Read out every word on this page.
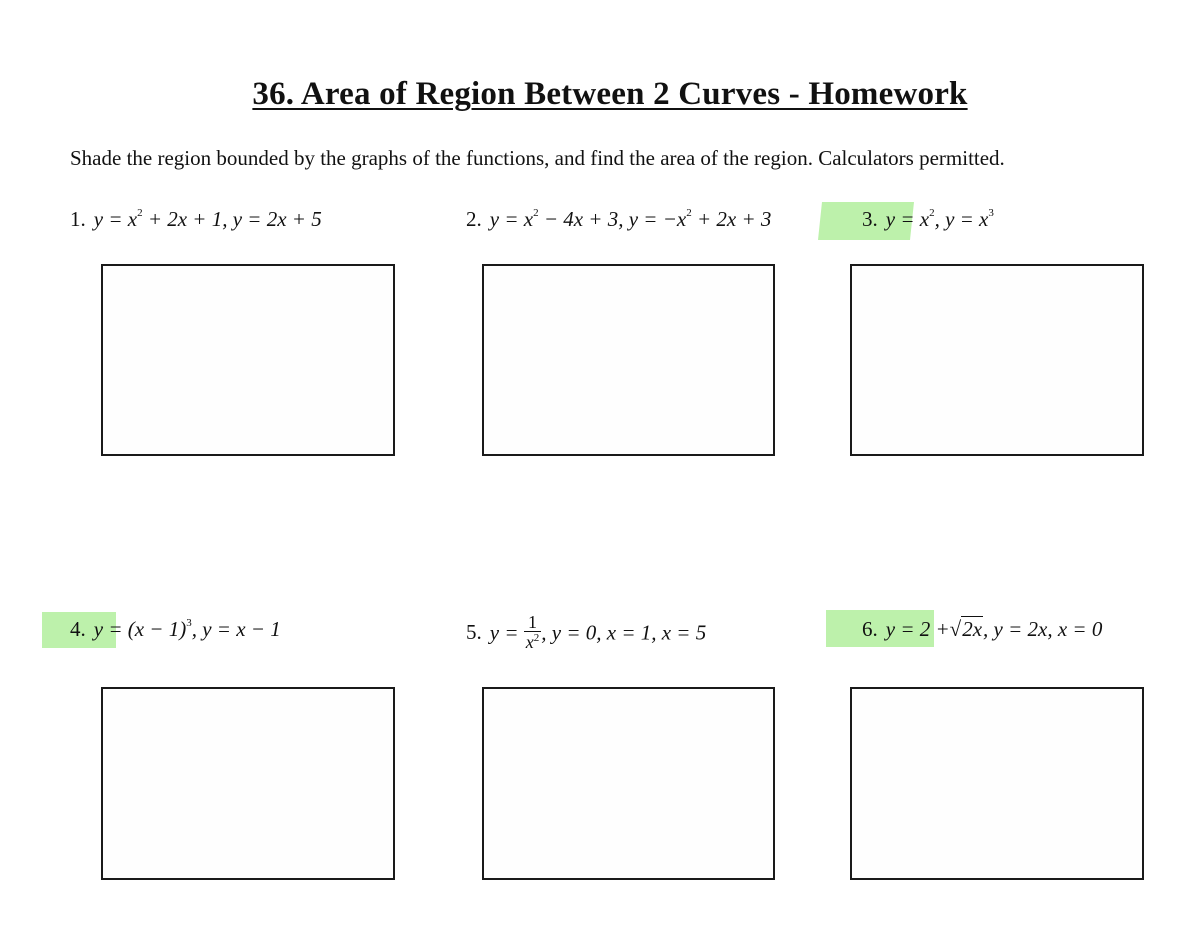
36. Area of Region Between 2 Curves - Homework
Shade the region bounded by the graphs of the functions, and find the area of the region. Calculators permitted.
1. $y = x^2 + 2x + 1$, y = 2x + 5	2. $y = x^2 - 4x + 3$, $y = -x^2 + 2x + 3$	3. $y = x^2$, $y = x^3$
4. $y = (x - 1)^3$, y = x − 1	5. $y = \frac{1}{x^2}$ , y = 0, x = 1, x = 5	6. y = 2 +√2x, y = 2x, x = 0
